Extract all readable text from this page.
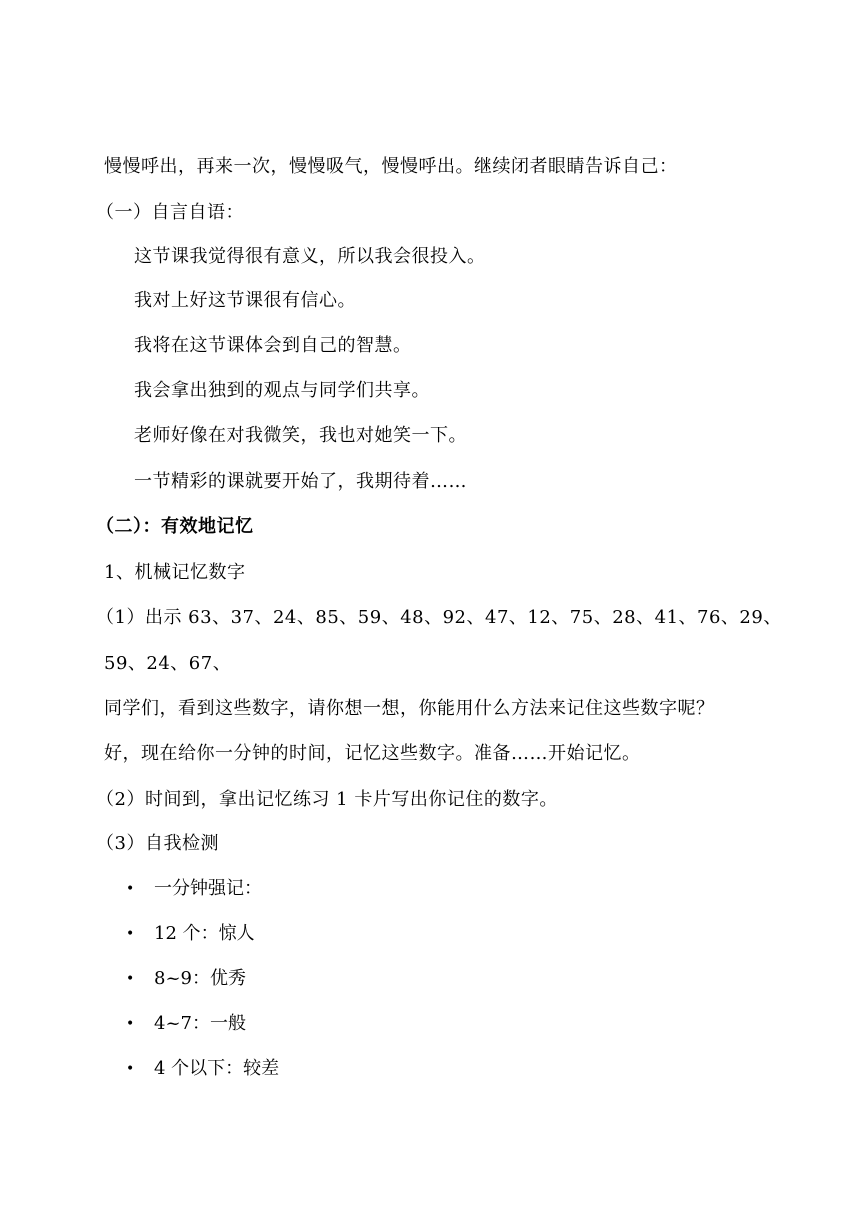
慢慢呼出，再来一次，慢慢吸气，慢慢呼出。继续闭者眼睛告诉自己：
（一）自言自语：
这节课我觉得很有意义，所以我会很投入。
我对上好这节课很有信心。
我将在这节课体会到自己的智慧。
我会拿出独到的观点与同学们共享。
老师好像在对我微笑，我也对她笑一下。
一节精彩的课就要开始了，我期待着……
（二）：有效地记忆
1、机械记忆数字
（1）出示 63、37、24、85、59、48、92、47、12、75、28、41、76、29、
59、24、67、
同学们，看到这些数字，请你想一想，你能用什么方法来记住这些数字呢？
好，现在给你一分钟的时间，记忆这些数字。准备……开始记忆。
（2）时间到，拿出记忆练习 1 卡片写出你记住的数字。
（3）自我检测
• 一分钟强记：
• 12 个：惊人
• 8~9：优秀
• 4~7：一般
• 4 个以下：较差
